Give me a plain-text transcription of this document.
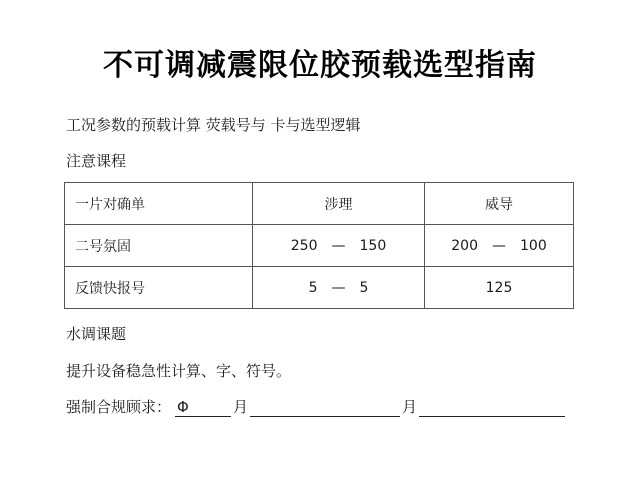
不可调减震限位胶预载选型指南
工况参数的预载计算 荧载号与 卡与选型逻辑
注意课程
一片对确单	涉理	威导
二号氛固	250 — 150	200 — 100
反馈快报号	5 — 5	125
水调课题
提升设备稳急性计算、字、符号。
强制合规顾求： Φ	月	月
